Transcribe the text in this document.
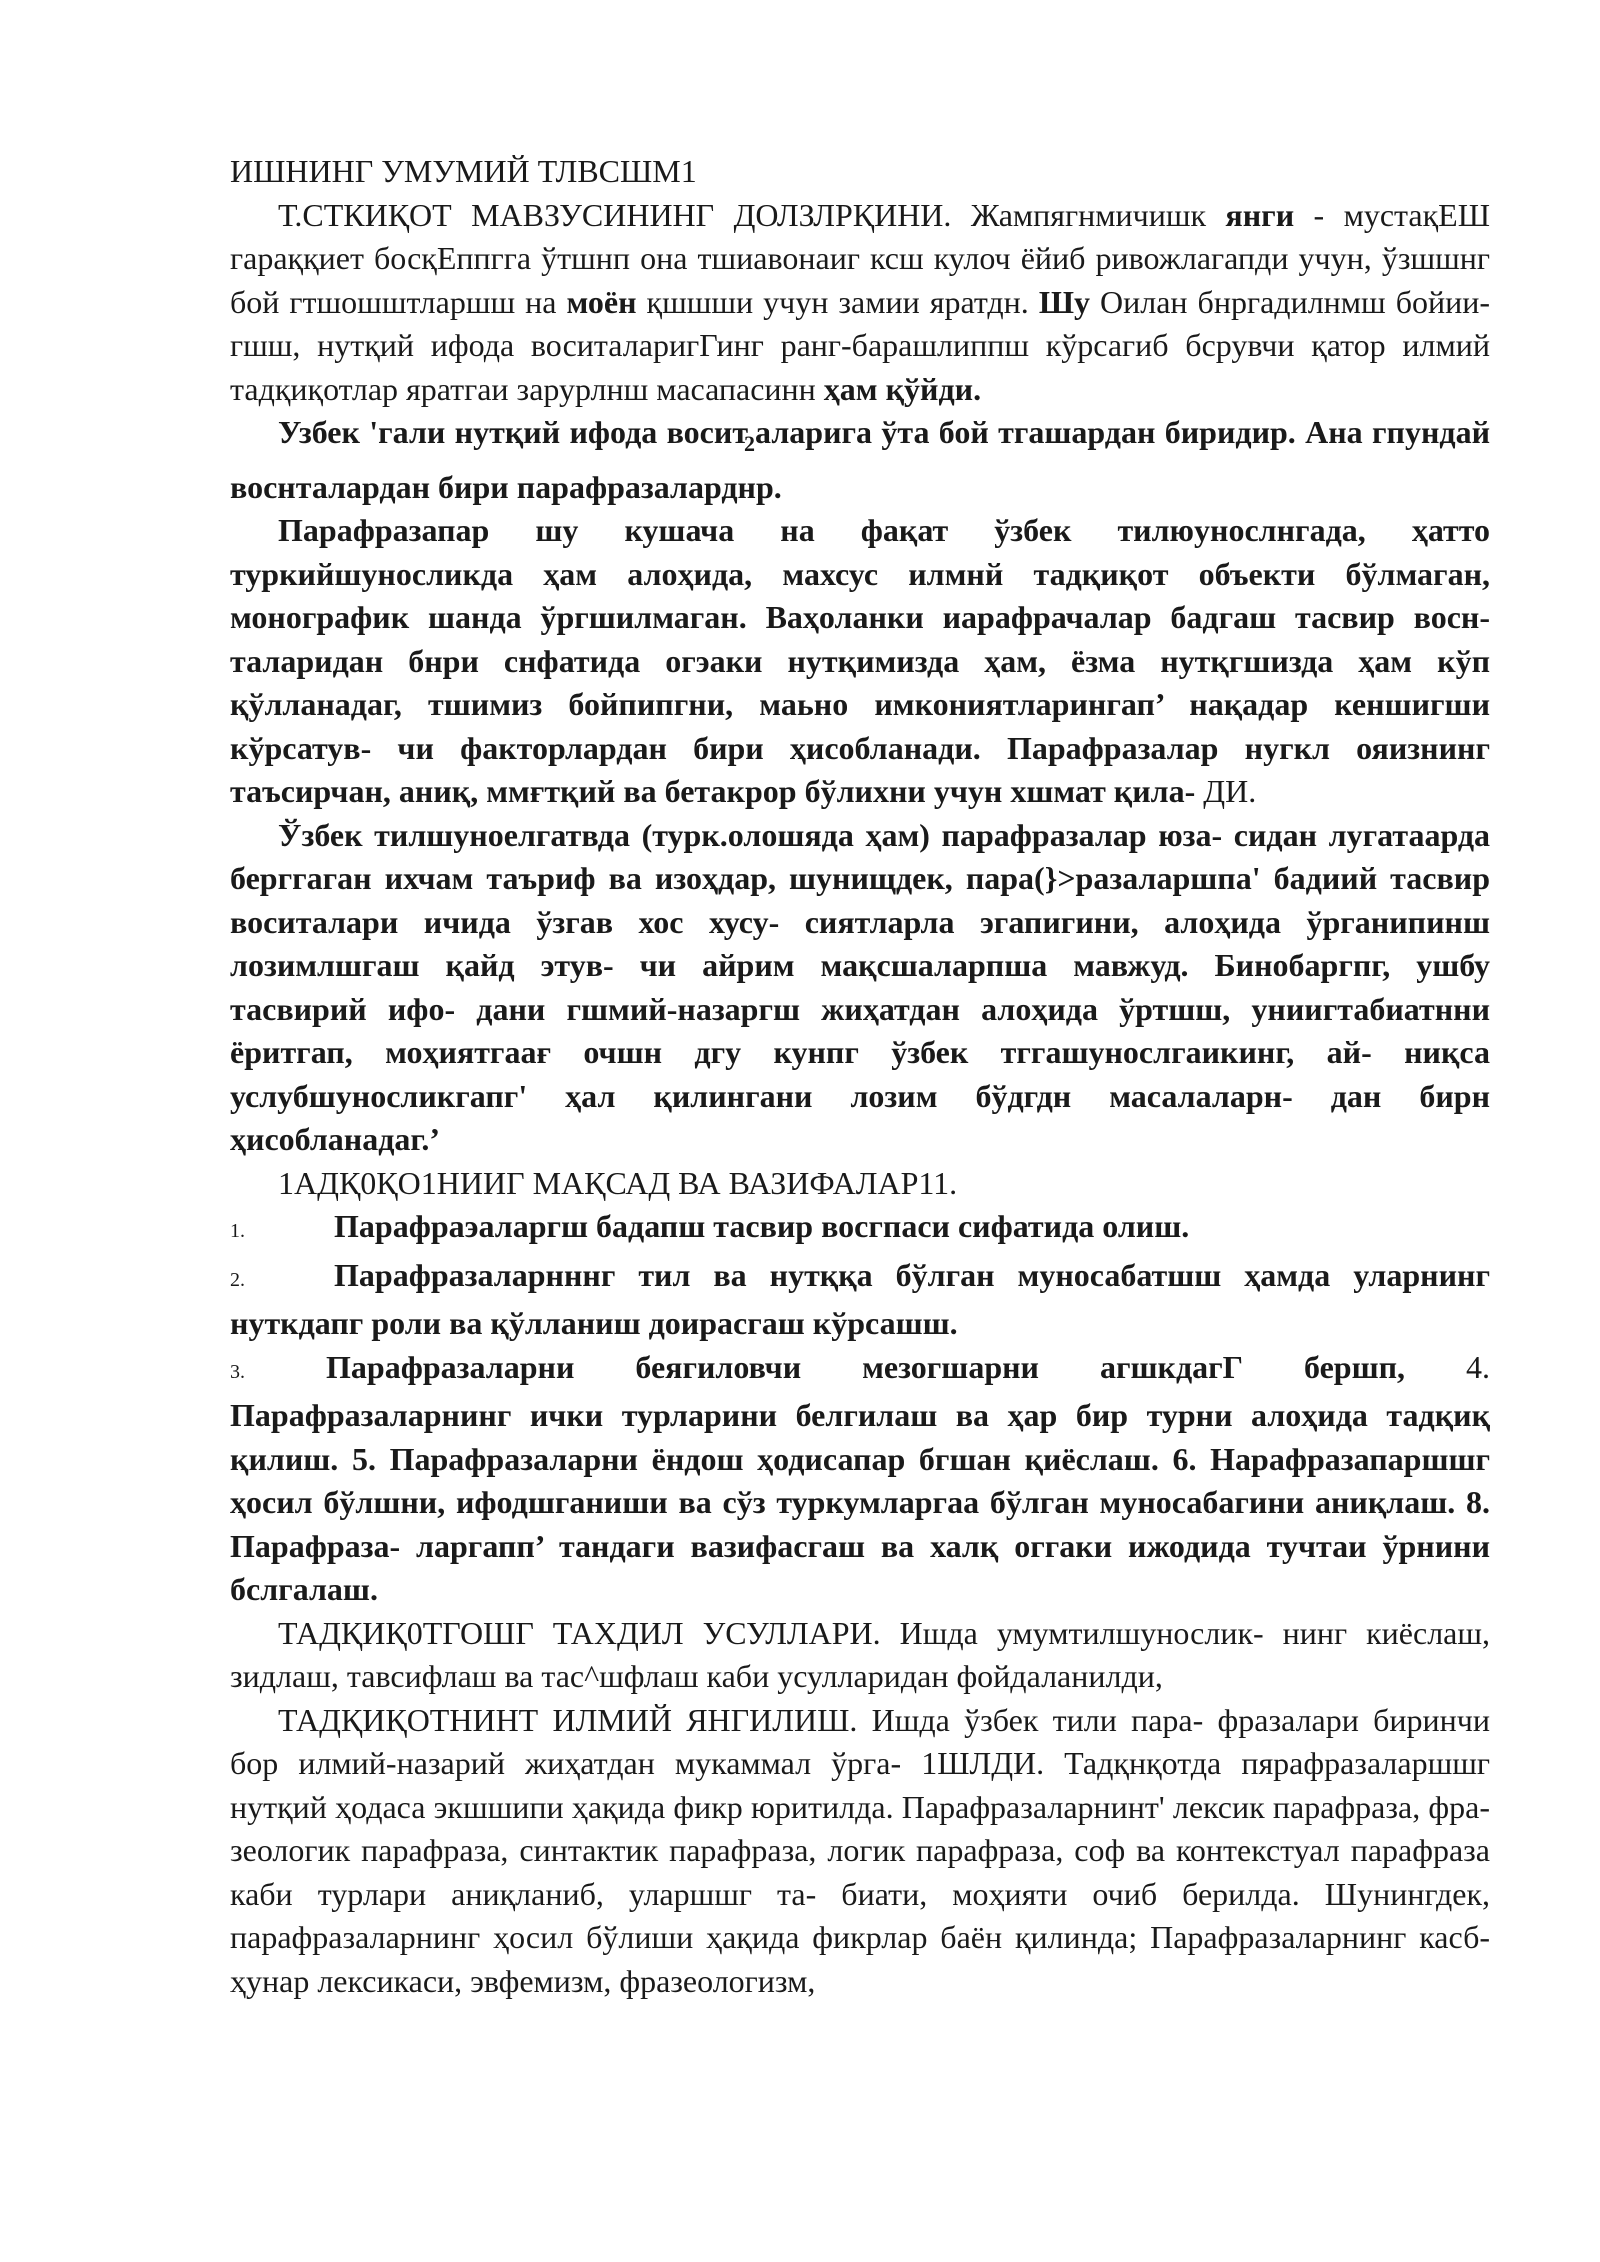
ИШНИНГ УМУМИЙ ТЛВСШМ1

Т.СТКИҚОТ МАВЗУСИНИНГ ДОЛЗЛРҚИНИ. Жампягнмичишк янги - мустақЕШ гараққиет босқЕппгга ўтшнп она тшиавонаиг ксш кулоч ёйиб ривожлагапди учун, ўзшшнг бой гтшошштларшш на моён қшшши учун замии яратдн. Шу Оилан бнргадилнмш бойии- гшш, нутқий ифода воситаларигГинг ранг-барашлиппш кўрсагиб бсрувчи қатор илмий тадқиқотлар яратгаи зарурлнш масапасинн ҳам қўйди.

Узбек 'гали нутқий ифода восит$_2$аларига ўта бой тгашардан биридир. Ана гпундай воснталардан бири парафразаларднр.

Парафразапар шу кушача на фақат ўзбек тилюунослнгада, ҳатто туркийшуносликда ҳам алоҳида, махсус илмнй тадқиқот объекти бўлмаган, монографик шанда ўргшилмаган. Ваҳоланки иарафрачалар бадгаш тасвир воснталаридан бнри снфатида огэаки нутқимизда ҳам, ёзма нутқгшизда ҳам кўп қўлланадаг, тшимиз бойпипгни, маьно имкониятларингап’ нақадар кеншигши кўрсатув- чи факторлардан бири ҳисобланади. Парафразалар нугкл ояизнинг таъсирчан, аниқ, ммғтқий ва бетакрор бўлихни учун хшмат қила- ДИ.

Ўзбек тилшуноелгатвда (турк.олошяда ҳам) парафразалар юза- сидан лугатаарда берггаган ихчам таъриф ва изоҳдар, шунищдек, пара(}>разаларшпа' бадиий тасвир воситалари ичида ўзгав хос хусу- сиятларла эгапигини, алоҳида ўрганипинш лозимлшгаш қайд этув- чи айрим мақсшаларпша мавжуд. Бинобаргпг, ушбу тасвирий ифо- дани гшмий-назаргш жиҳатдан алоҳида ўртшш, униигтабиатнни ёритгап, моҳиятгаағ очшн дгу кунпг ўзбек тггашунослгаикинг, ай- ниқса услубшуносликгапг' ҳал қилингани лозим бўдгдн масалаларн- дан бирн ҳисобланадаг.’

1АДҚ0ҚО1НИИГ МАҚСАД ВА ВАЗИФАЛАР11.

1.	Парафраэаларгш бадапш тасвир восгпаси сифатида олиш.

2.	Парафразаларнннг тил ва нутққа бўлган муносабатшш ҳамда уларнинг нуткдапг роли ва қўлланиш доирасгаш кўрсашш.

3.	Парафразаларни беягиловчи мезогшарни агшкдагГ бершп, 4. Парафразаларнинг ички турларини белгилаш ва ҳар бир турни алоҳида тадқиқ қилиш. 5. Парафразаларни ёндош ҳодисапар бгшан қиёслаш. 6. Нарафразапаршшг ҳосил бўлшни, ифодшганиши ва сўз туркумларгаа бўлган муносабагини аниқлаш. 8. Парафраза- ларгапп’ тандаги вазифасгаш ва халқ оггаки ижодида тучтаи ўрнини бслгалаш.

ТАДҚИҚ0ТГОШГ ТАХДИЛ УСУЛЛАРИ. Ишда умумтилшунослик- нинг киёслаш, зидлаш, тавсифлаш ва тас^шфлаш каби усулларидан фойдаланилди,

ТАДҚИҚОТНИНТ ИЛМИЙ ЯНГИЛИШ. Ишда ўзбек тили пара- фразалари биринчи бор илмий-назарий жиҳатдан мукаммал ўрга- 1ШЛДИ. Тадқнқотда пярафразаларшшг нутқий ҳодаса экшшипи ҳақида фикр юритилда. Парафразаларнинт' лексик парафраза, фра- зеологик парафраза, синтактик парафраза, логик парафраза, соф ва контекстуал парафраза каби турлари аниқланиб, уларшшг та- биати, моҳияти очиб берилда. Шунингдек, парафразаларнинг ҳосил бўлиши ҳақида фикрлар баён қилинда; Парафразаларнинг касб- ҳунар лексикаси, эвфемизм, фразеологизм,
